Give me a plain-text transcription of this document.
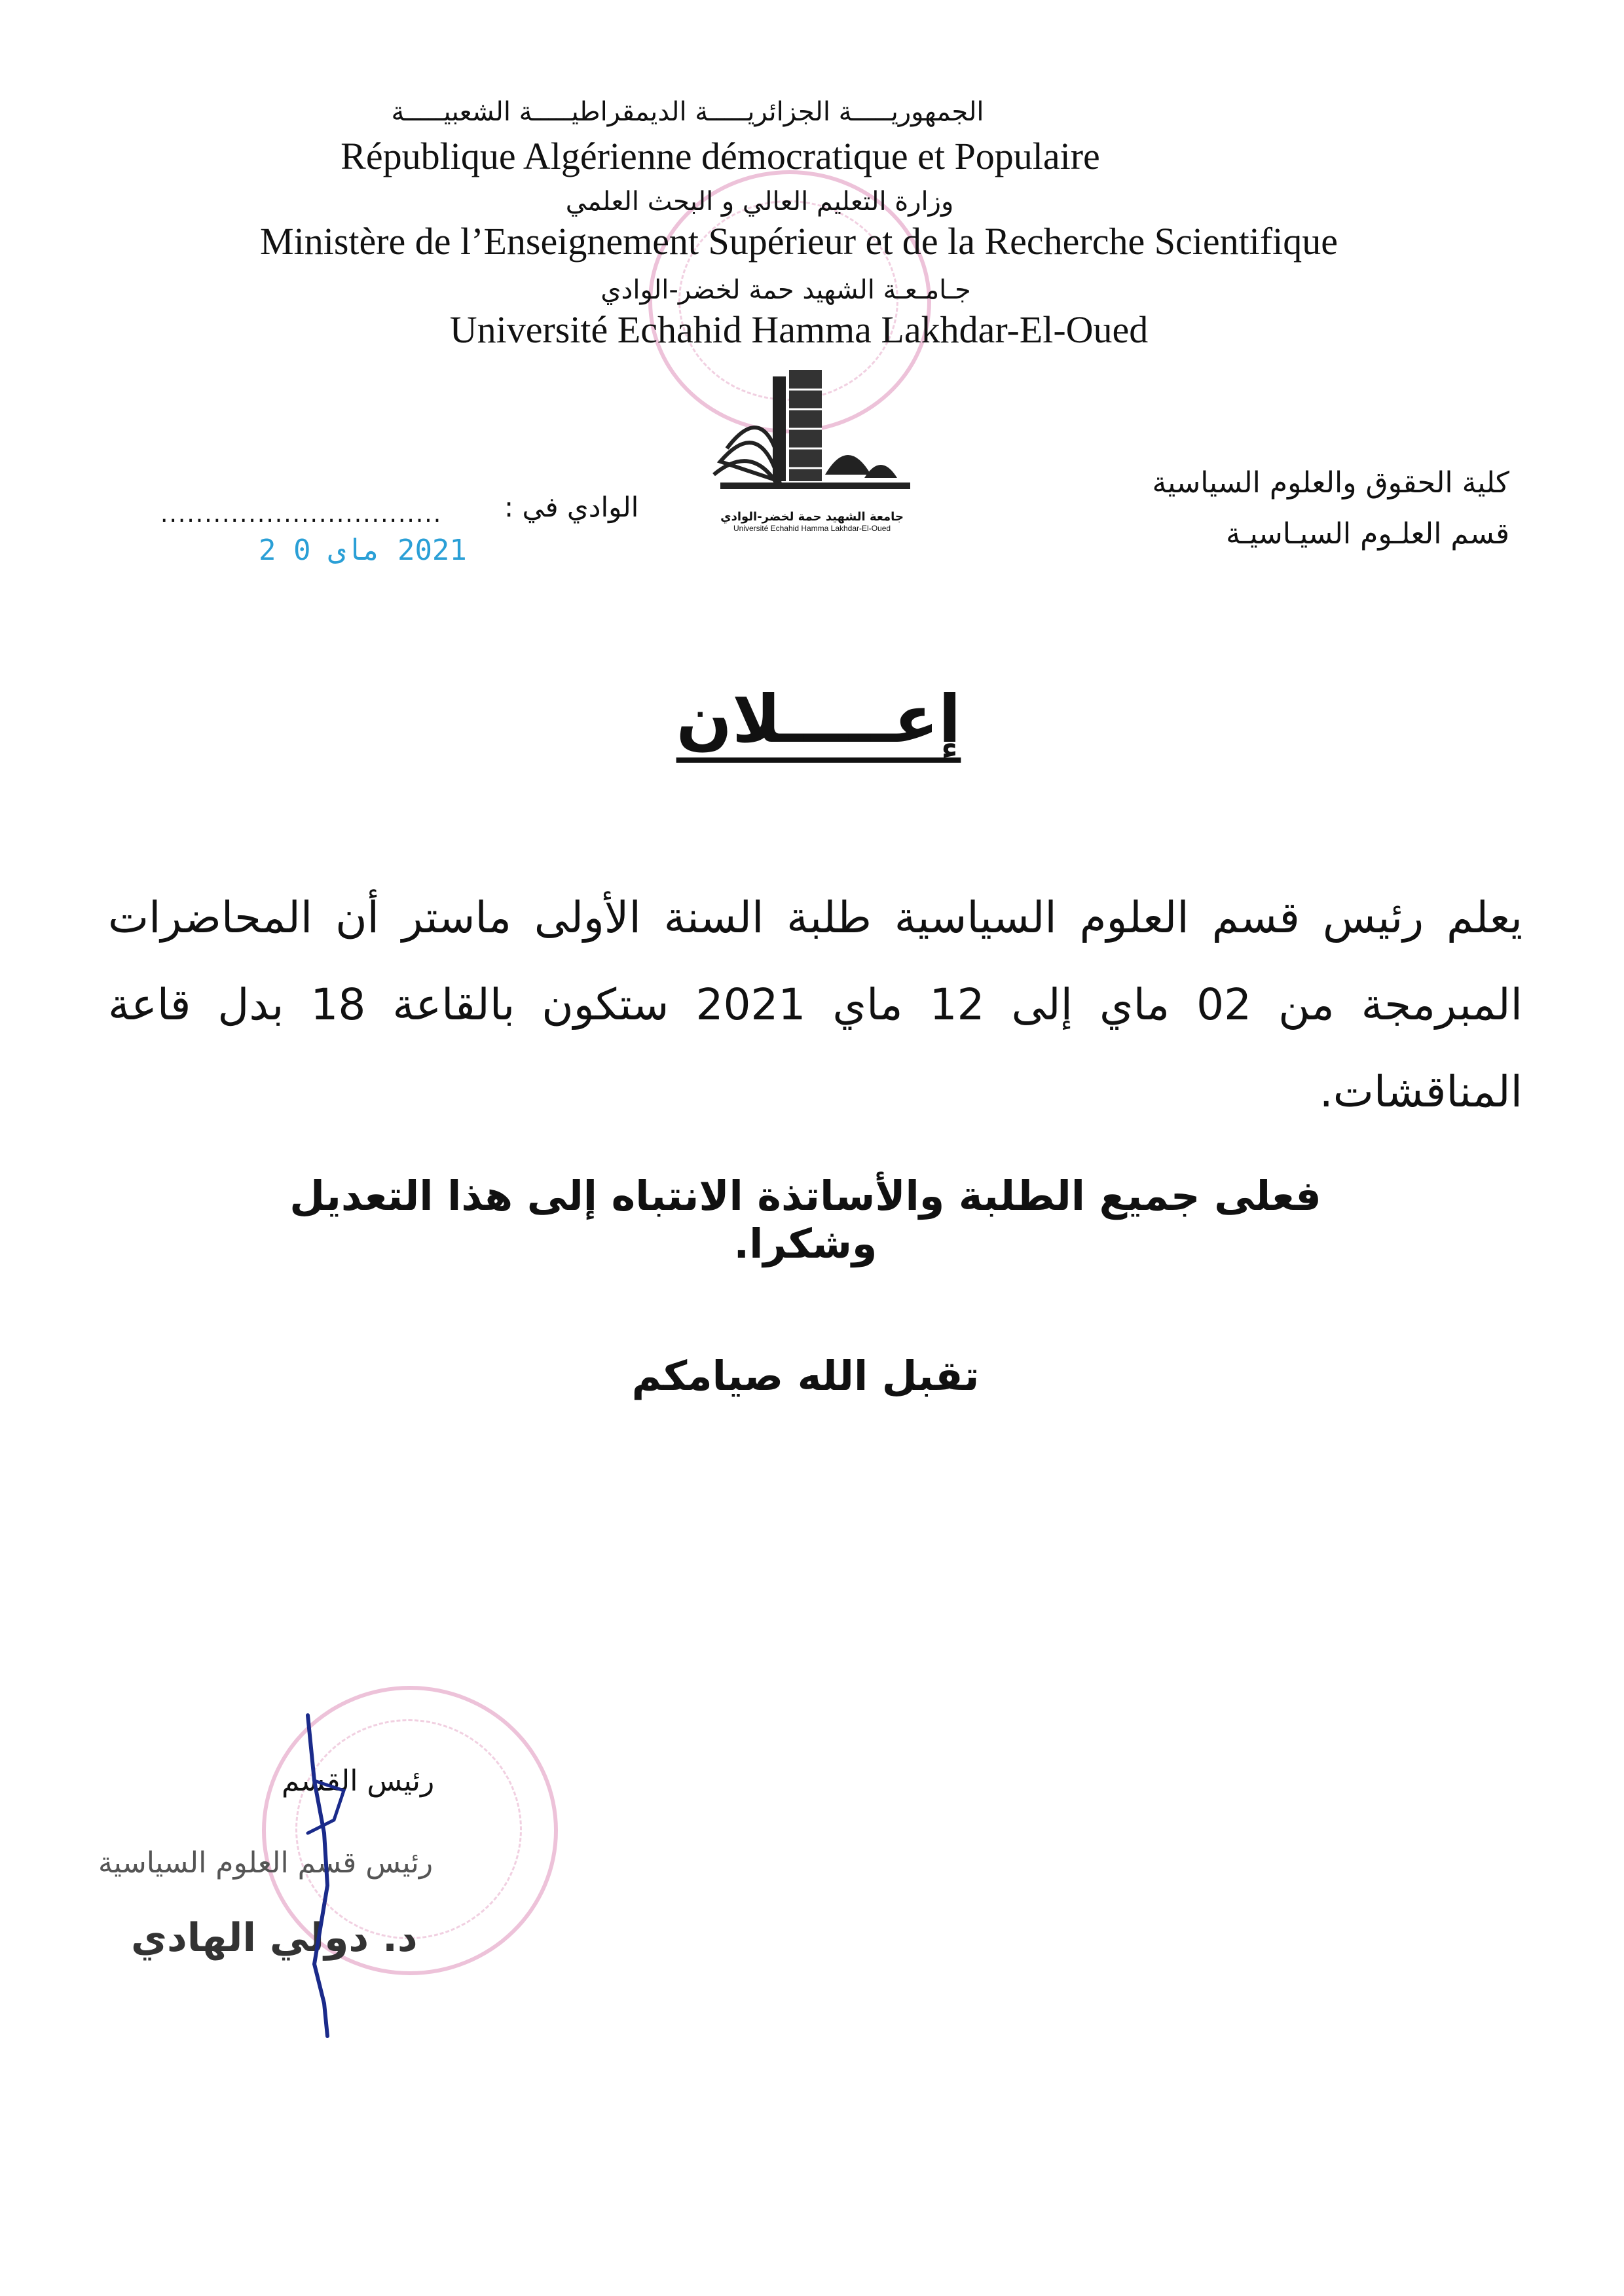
الجمهوريـــــة الجزائريـــــة الديمقراطيـــــة الشعبيـــــة
République Algérienne démocratique et Populaire
وزارة التعليم العالي و البحث العلمي
Ministère de l’Enseignement Supérieur et de la Recherche Scientifique
جـامـعـة الشهيد حمة لخضر-الوادي
Université Echahid Hamma Lakhdar-El-Oued
جامعة الشهيد حمة لخضر-الوادي
Université Echahid Hamma Lakhdar-El-Oued
كلية الحقوق والعلوم السياسية
قسم العلـوم السيـاسيـة
الوادي في :
................................
2021 ماى 0 2
إعـــــلان
يعلم رئيس قسم العلوم السياسية طلبة السنة الأولى ماستر أن المحاضرات المبرمجة من 02 ماي إلى 12 ماي 2021 ستكون بالقاعة 18 بدل قاعة المناقشات.
فعلى جميع الطلبة والأساتذة الانتباه إلى هذا التعديل وشكرا.
تقبل الله صيامكم
رئيس القسم
رئيس قسم العلوم السياسية
د. دولي الهادي
